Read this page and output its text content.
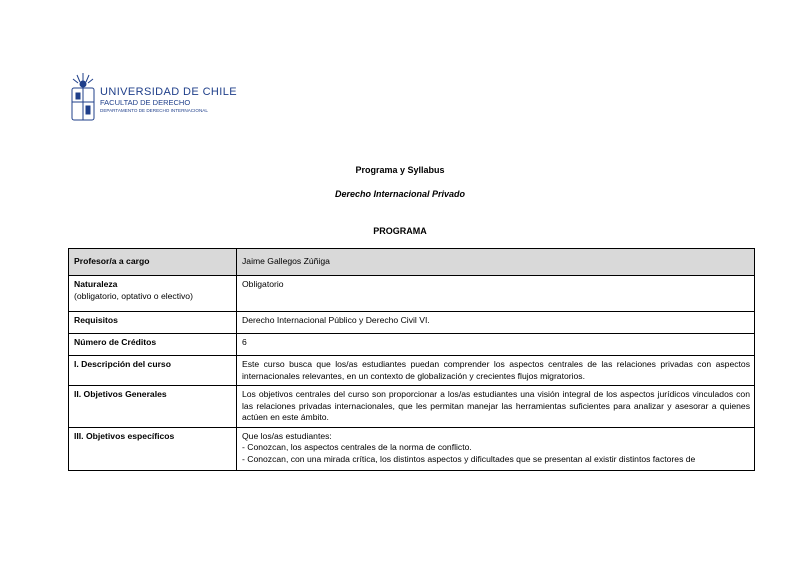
UNIVERSIDAD DE CHILE
FACULTAD DE DERECHO
DEPARTAMENTO DE DERECHO INTERNACIONAL
Programa y Syllabus
Derecho Internacional Privado
PROGRAMA
Profesor/a a cargo	Jaime Gallegos Zúñiga

Naturaleza
(obligatorio, optativo o electivo)	Obligatorio
Requisitos	Derecho Internacional Público y Derecho Civil VI.
Número de Créditos	6
I. Descripción del curso	Este curso busca que los/as estudiantes puedan comprender los aspectos centrales de las relaciones privadas con aspectos internacionales relevantes, en un contexto de globalización y crecientes flujos migratorios.
II. Objetivos Generales	Los objetivos centrales del curso son proporcionar a los/as estudiantes una visión integral de los aspectos jurídicos vinculados con las relaciones privadas internacionales, que les permitan manejar las herramientas suficientes para analizar y asesorar a quienes actúen en este ámbito.
III. Objetivos específicos	Que los/as estudiantes:
- Conozcan, los aspectos centrales de la norma de conflicto.
- Conozcan, con una mirada crítica, los distintos aspectos y dificultades que se presentan al existir distintos factores de
